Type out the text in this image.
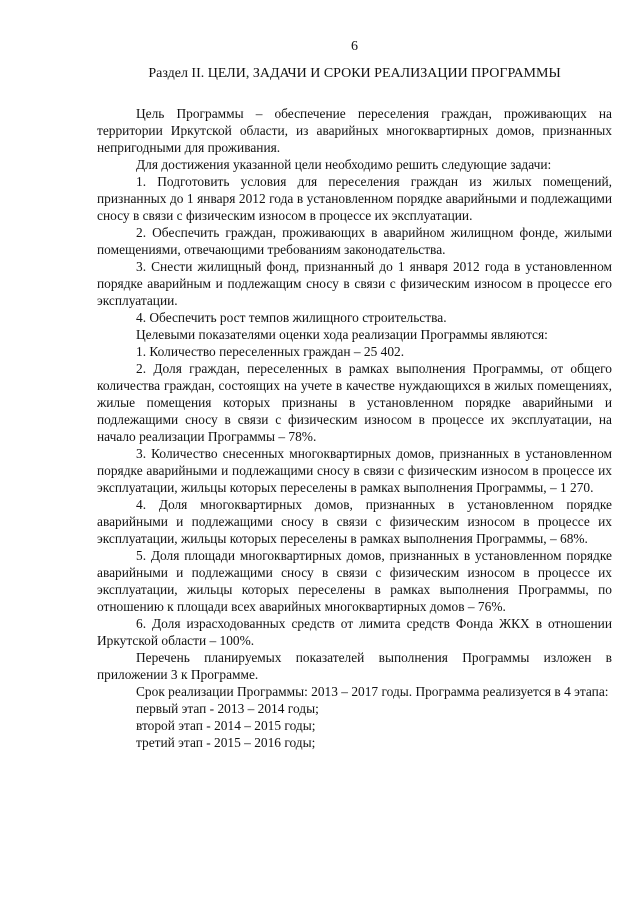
6
Раздел II. ЦЕЛИ, ЗАДАЧИ И СРОКИ РЕАЛИЗАЦИИ ПРОГРАММЫ

Цель Программы – обеспечение переселения граждан, проживающих на территории Иркутской области, из аварийных многоквартирных домов, признанных непригодными для проживания.

Для достижения указанной цели необходимо решить следующие задачи:

1. Подготовить условия для переселения граждан из жилых помещений, признанных до 1 января 2012 года в установленном порядке аварийными и подлежащими сносу в связи с физическим износом в процессе их эксплуатации.

2. Обеспечить граждан, проживающих в аварийном жилищном фонде, жилыми помещениями, отвечающими требованиям законодательства.

3. Снести жилищный фонд, признанный до 1 января 2012 года в установленном порядке аварийным и подлежащим сносу в связи с физическим износом в процессе его эксплуатации.

4. Обеспечить рост темпов жилищного строительства.

Целевыми показателями оценки хода реализации Программы являются:

1. Количество переселенных граждан – 25 402.

2. Доля граждан, переселенных в рамках выполнения Программы, от общего количества граждан, состоящих на учете в качестве нуждающихся в жилых помещениях, жилые помещения которых признаны в установленном порядке аварийными и подлежащими сносу в связи с физическим износом в процессе их эксплуатации, на начало реализации Программы – 78%.

3. Количество снесенных многоквартирных домов, признанных в установленном порядке аварийными и подлежащими сносу в связи с физическим износом в процессе их эксплуатации, жильцы которых переселены в рамках выполнения Программы, – 1 270.

4. Доля многоквартирных домов, признанных в установленном порядке аварийными и подлежащими сносу в связи с физическим износом в процессе их эксплуатации, жильцы которых переселены в рамках выполнения Программы, – 68%.

5. Доля площади многоквартирных домов, признанных в установленном порядке аварийными и подлежащими сносу в связи с физическим износом в процессе их эксплуатации, жильцы которых переселены в рамках выполнения Программы, по отношению к площади всех аварийных многоквартирных домов – 76%.

6. Доля израсходованных средств от лимита средств Фонда ЖКХ в отношении Иркутской области – 100%.

Перечень планируемых показателей выполнения Программы изложен в приложении 3 к Программе.

Срок реализации Программы: 2013 – 2017 годы. Программа реализуется в 4 этапа:

первый этап - 2013 – 2014 годы;
второй этап - 2014 – 2015 годы;
третий этап - 2015 – 2016 годы;
